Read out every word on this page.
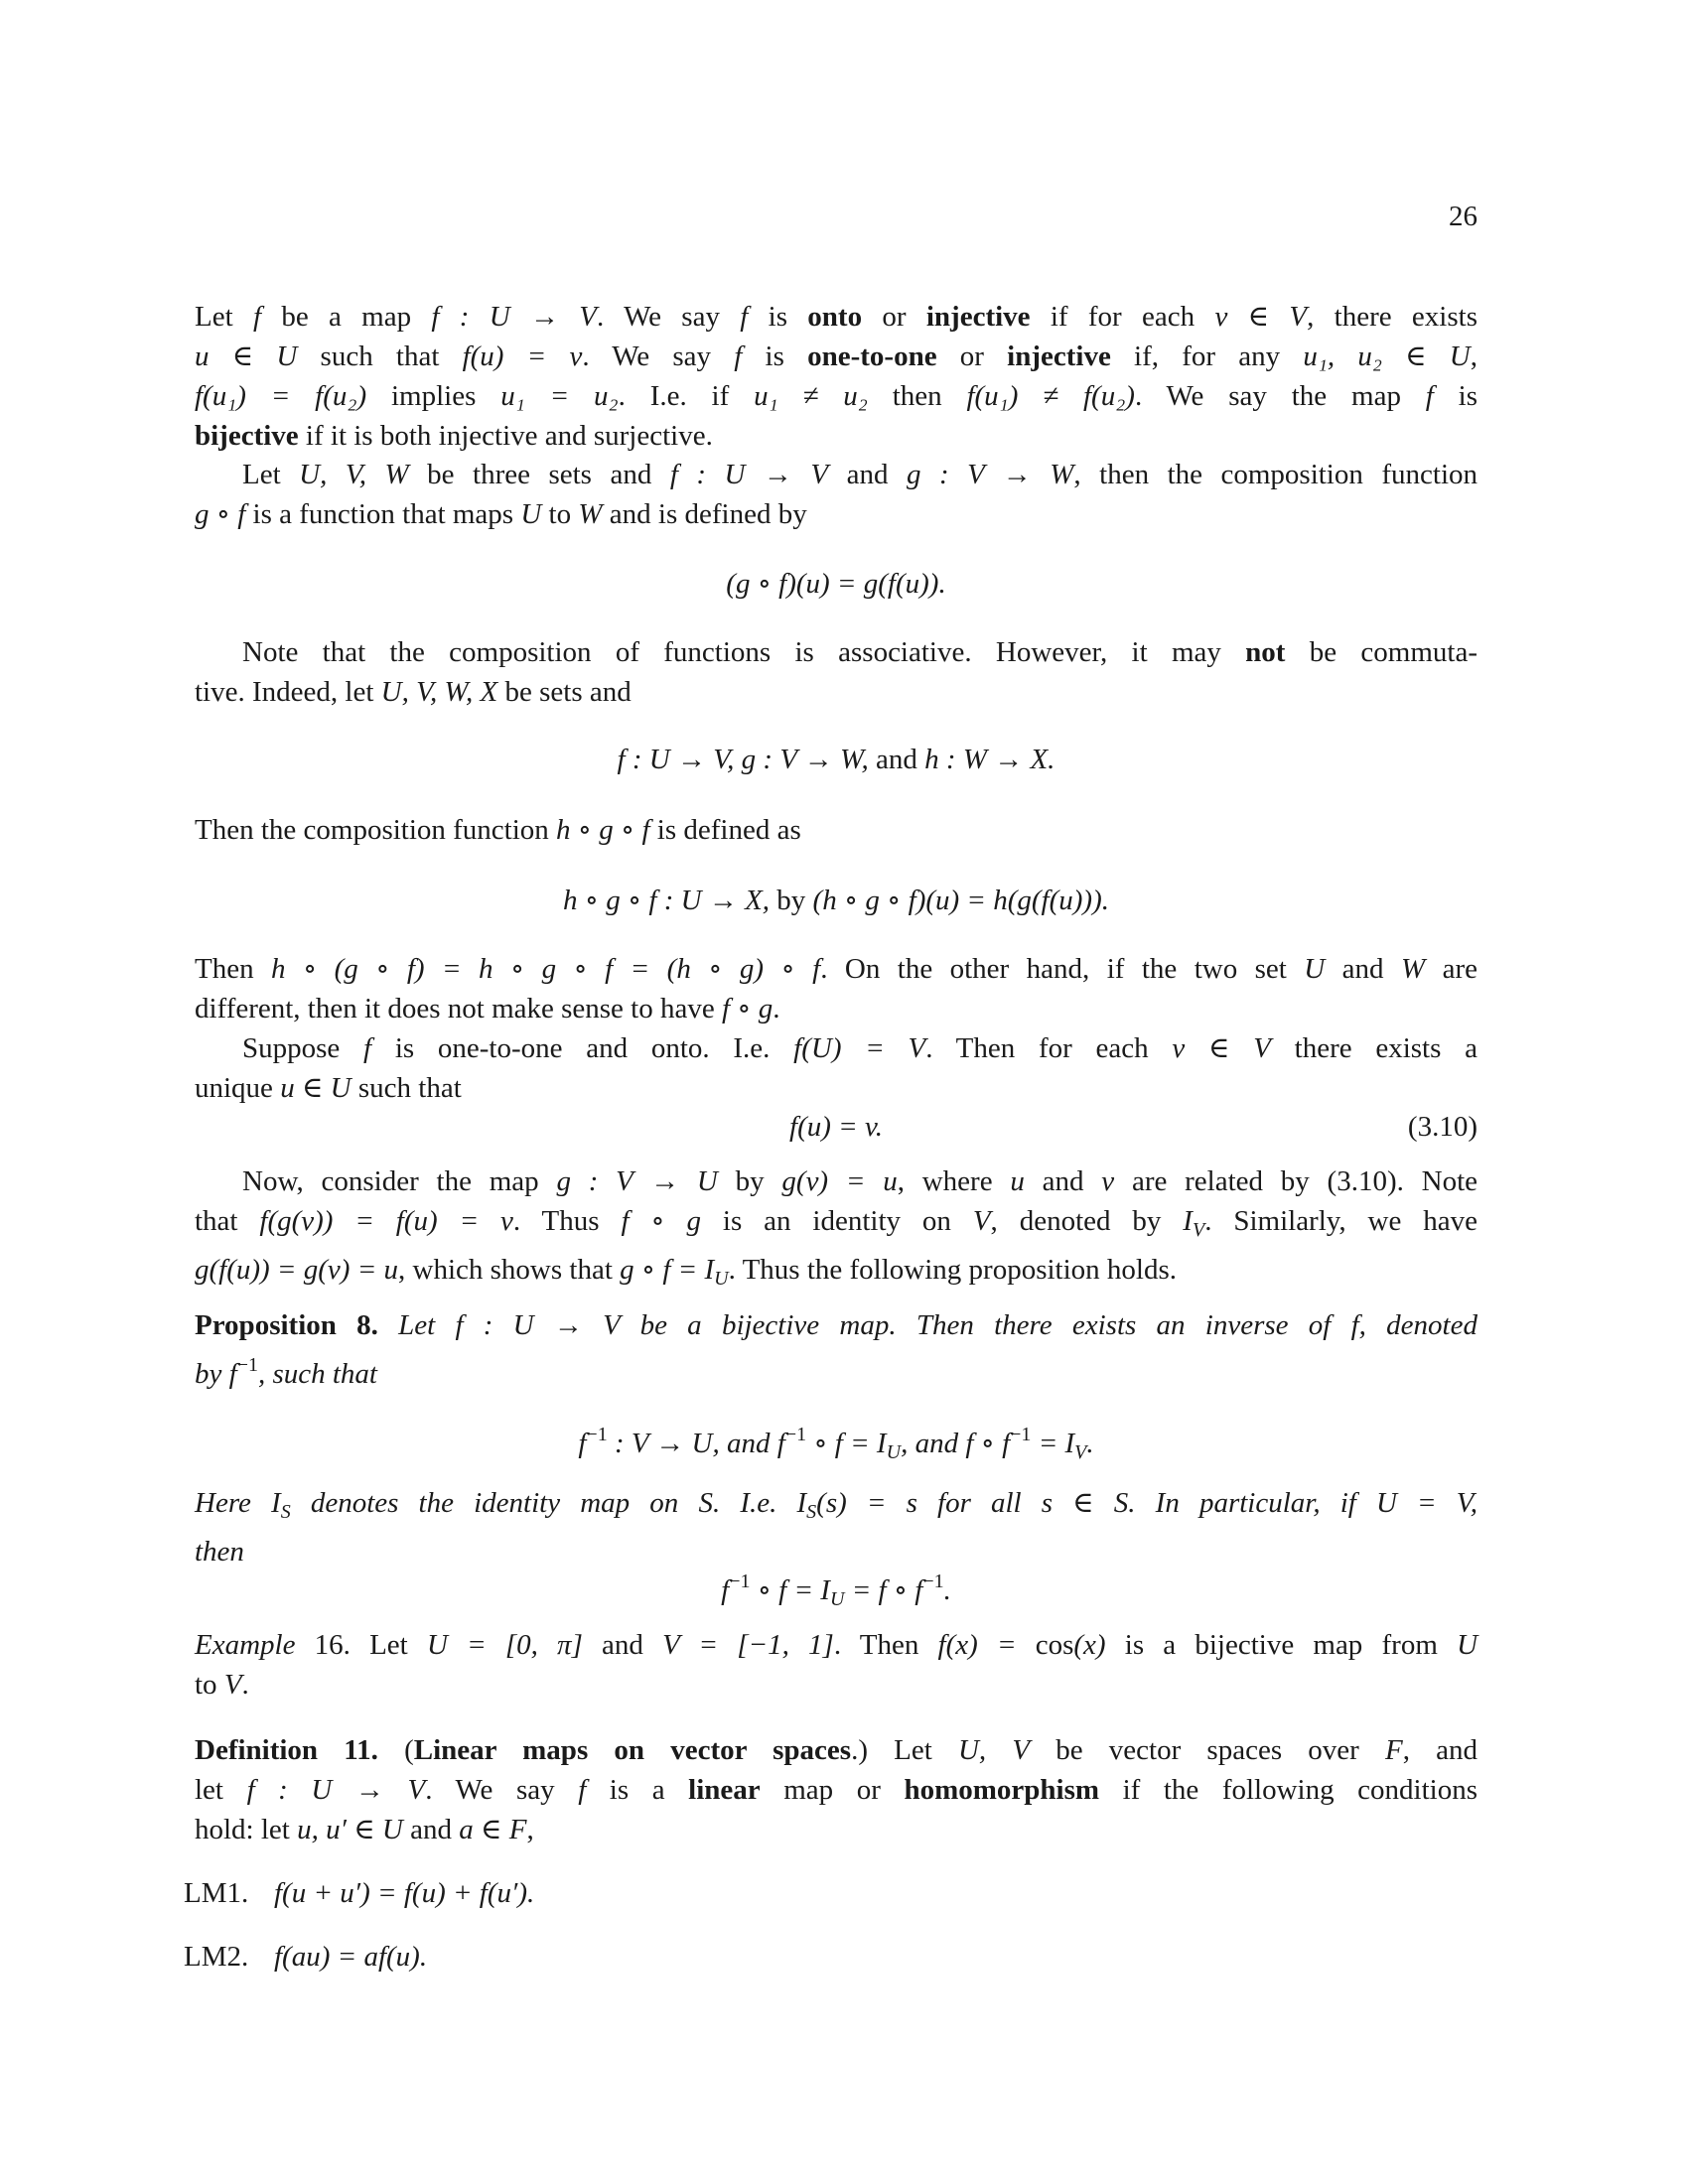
26
Let f be a map f : U → V. We say f is onto or injective if for each v ∈ V, there exists
u ∈ U such that f(u) = v. We say f is one-to-one or injective if, for any u₁, u₂ ∈ U,
f(u₁) = f(u₂) implies u₁ = u₂. I.e. if u₁ ≠ u₂ then f(u₁) ≠ f(u₂). We say the map f is
bijective if it is both injective and surjective.
Let U, V, W be three sets and f : U → V and g : V → W, then the composition function
g ∘ f is a function that maps U to W and is defined by
(g ∘ f)(u) = g(f(u)).
Note that the composition of functions is associative. However, it may not be commuta-
tive. Indeed, let U, V, W, X be sets and
f : U → V, g : V → W, and h : W → X.
Then the composition function h ∘ g ∘ f is defined as
h ∘ g ∘ f : U → X, by (h ∘ g ∘ f)(u) = h(g(f(u))).
Then h ∘ (g ∘ f) = h ∘ g ∘ f = (h ∘ g) ∘ f. On the other hand, if the two set U and W are
different, then it does not make sense to have f ∘ g.
Suppose f is one-to-one and onto. I.e. f(U) = V. Then for each v ∈ V there exists a
unique u ∈ U such that
f(u) = v.	(3.10)
Now, consider the map g : V → U by g(v) = u, where u and v are related by (3.10). Note
that f(g(v)) = f(u) = v. Thus f ∘ g is an identity on V, denoted by $I_V$. Similarly, we have
g(f(u)) = g(v) = u, which shows that g ∘ $f = I_U$. Thus the following proposition holds.
Proposition 8. Let f : U → V be a bijective map. Then there exists an inverse of f, denoted
by $f^{-1}$, such that
$f^{-1}$ : V → U, and $f^{-1}$ ∘ $f = I_U$, and f ∘ $f^{-1} = I_V$.
Here $I_S$ denotes the identity map on S. I.e. $I_S(s) = s$ for all s ∈ S. In particular, if U = V,
then
$f^{-1}$ ∘ $f = I_U = f$ ∘ $f^{-1}$.
Example 16. Let U = [0, π] and V = [−1, 1]. Then f(x) = cos(x) is a bijective map from U
to V.
Definition 11. (Linear maps on vector spaces.) Let U, V be vector spaces over F, and
let f : U → V. We say f is a linear map or homomorphism if the following conditions
hold: let u, u′ ∈ U and a ∈ F,
LM1. f(u + u′) = f(u) + f(u′).
LM2. f(au) = af(u).
